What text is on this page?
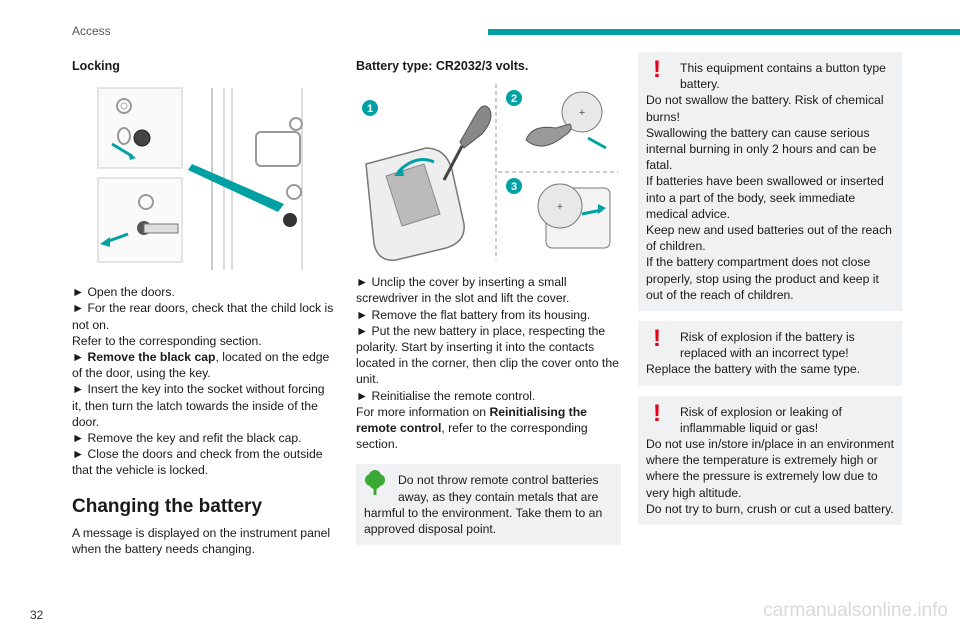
Access
Locking

► Open the doors.

► For the rear doors, check that the child lock is not on.

Refer to the corresponding section.

► Remove the black cap, located on the edge of the door, using the key.

► Insert the key into the socket without forcing it, then turn the latch towards the inside of the door.

► Remove the key and refit the black cap.

► Close the doors and check from the outside that the vehicle is locked.

Changing the battery

A message is displayed on the instrument panel when the battery needs changing.

Battery type: CR2032/3 volts.
1
2
3
+
+

► Unclip the cover by inserting a small screwdriver in the slot and lift the cover.

► Remove the flat battery from its housing.

► Put the new battery in place, respecting the polarity. Start by inserting it into the contacts located in the corner, then clip the cover onto the unit.

► Reinitialise the remote control.

For more information on Reinitialising the remote control, refer to the corresponding section.

Do not throw remote control batteries away, as they contain metals that are

harmful to the environment. Take them to an approved disposal point.

!	This equipment contains a button type battery.

Do not swallow the battery. Risk of chemical burns!
Swallowing the battery can cause serious internal burning in only 2 hours and can be fatal.
If batteries have been swallowed or inserted into a part of the body, seek immediate medical advice.
Keep new and used batteries out of the reach of children.
If the battery compartment does not close properly, stop using the product and keep it out of the reach of children.

!	Risk of explosion if the battery is replaced with an incorrect type!

Replace the battery with the same type.

!	Risk of explosion or leaking of inflammable liquid or gas!

Do not use in/store in/place in an environment where the temperature is extremely high or where the pressure is extremely low due to very high altitude.
Do not try to burn, crush or cut a used battery.

32	carmanualsonline.info
